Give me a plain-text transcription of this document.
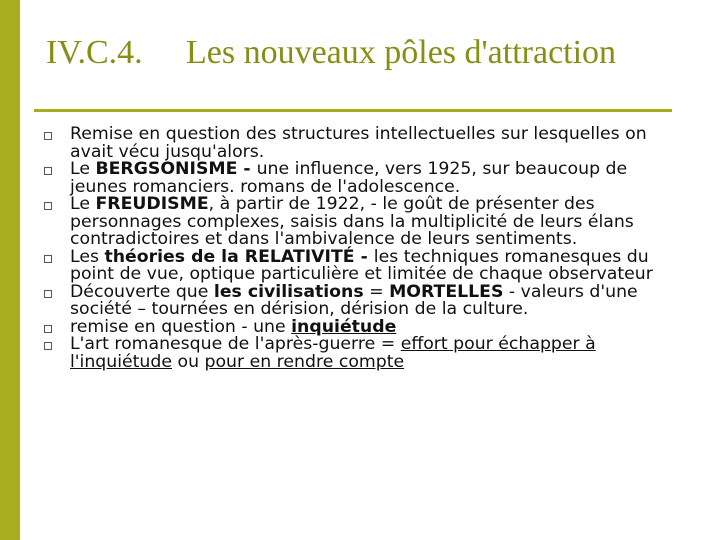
IV.C.4. Les nouveaux pôles d'attraction
Remise en question des structures intellectuelles sur lesquelles on avait vécu jusqu'alors.
Le BERGSONISME - une influence, vers 1925, sur beaucoup de jeunes romanciers. romans de l'adolescence.
Le FREUDISME, à partir de 1922, - le goût de présenter des personnages complexes, saisis dans la multiplicité de leurs élans contradictoires et dans l'ambivalence de leurs sentiments.
Les théories de la RELATIVITÉ - les techniques romanesques du point de vue, optique particulière et limitée de chaque observateur
Découverte que les civilisations = MORTELLES - valeurs d'une société – tournées en dérision, dérision de la culture.
remise en question - une inquiétude
L'art romanesque de l'après-guerre = effort pour échapper à l'inquiétude ou pour en rendre compte
